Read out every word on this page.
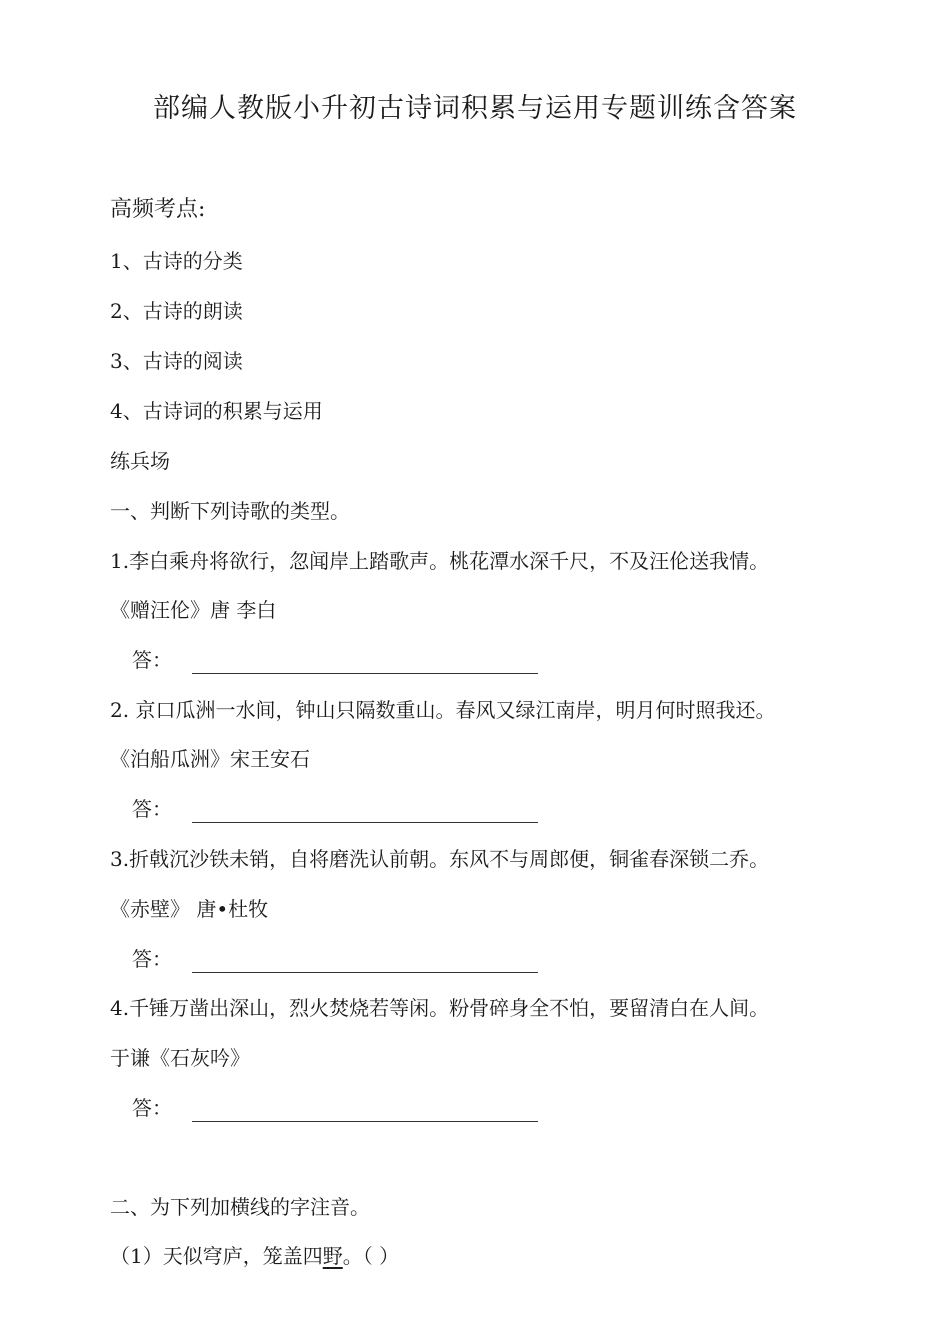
部编人教版小升初古诗词积累与运用专题训练含答案
高频考点:
1、古诗的分类
2、古诗的朗读
3、古诗的阅读
4、古诗词的积累与运用
练兵场
一、判断下列诗歌的类型。
1.李白乘舟将欲行，忽闻岸上踏歌声。桃花潭水深千尺，不及汪伦送我情。
《赠汪伦》唐 李白
答：
2. 京口瓜洲一水间，钟山只隔数重山。春风又绿江南岸，明月何时照我还。
《泊船瓜洲》宋王安石
答：
3.折戟沉沙铁未销，自将磨洗认前朝。东风不与周郎便，铜雀春深锁二乔。
《赤壁》 唐•杜牧
答：
4.千锤万凿出深山，烈火焚烧若等闲。粉骨碎身全不怕，要留清白在人间。
于谦《石灰吟》
答：
二、为下列加横线的字注音。
（1）天似穹庐，笼盖四野。（ ）
